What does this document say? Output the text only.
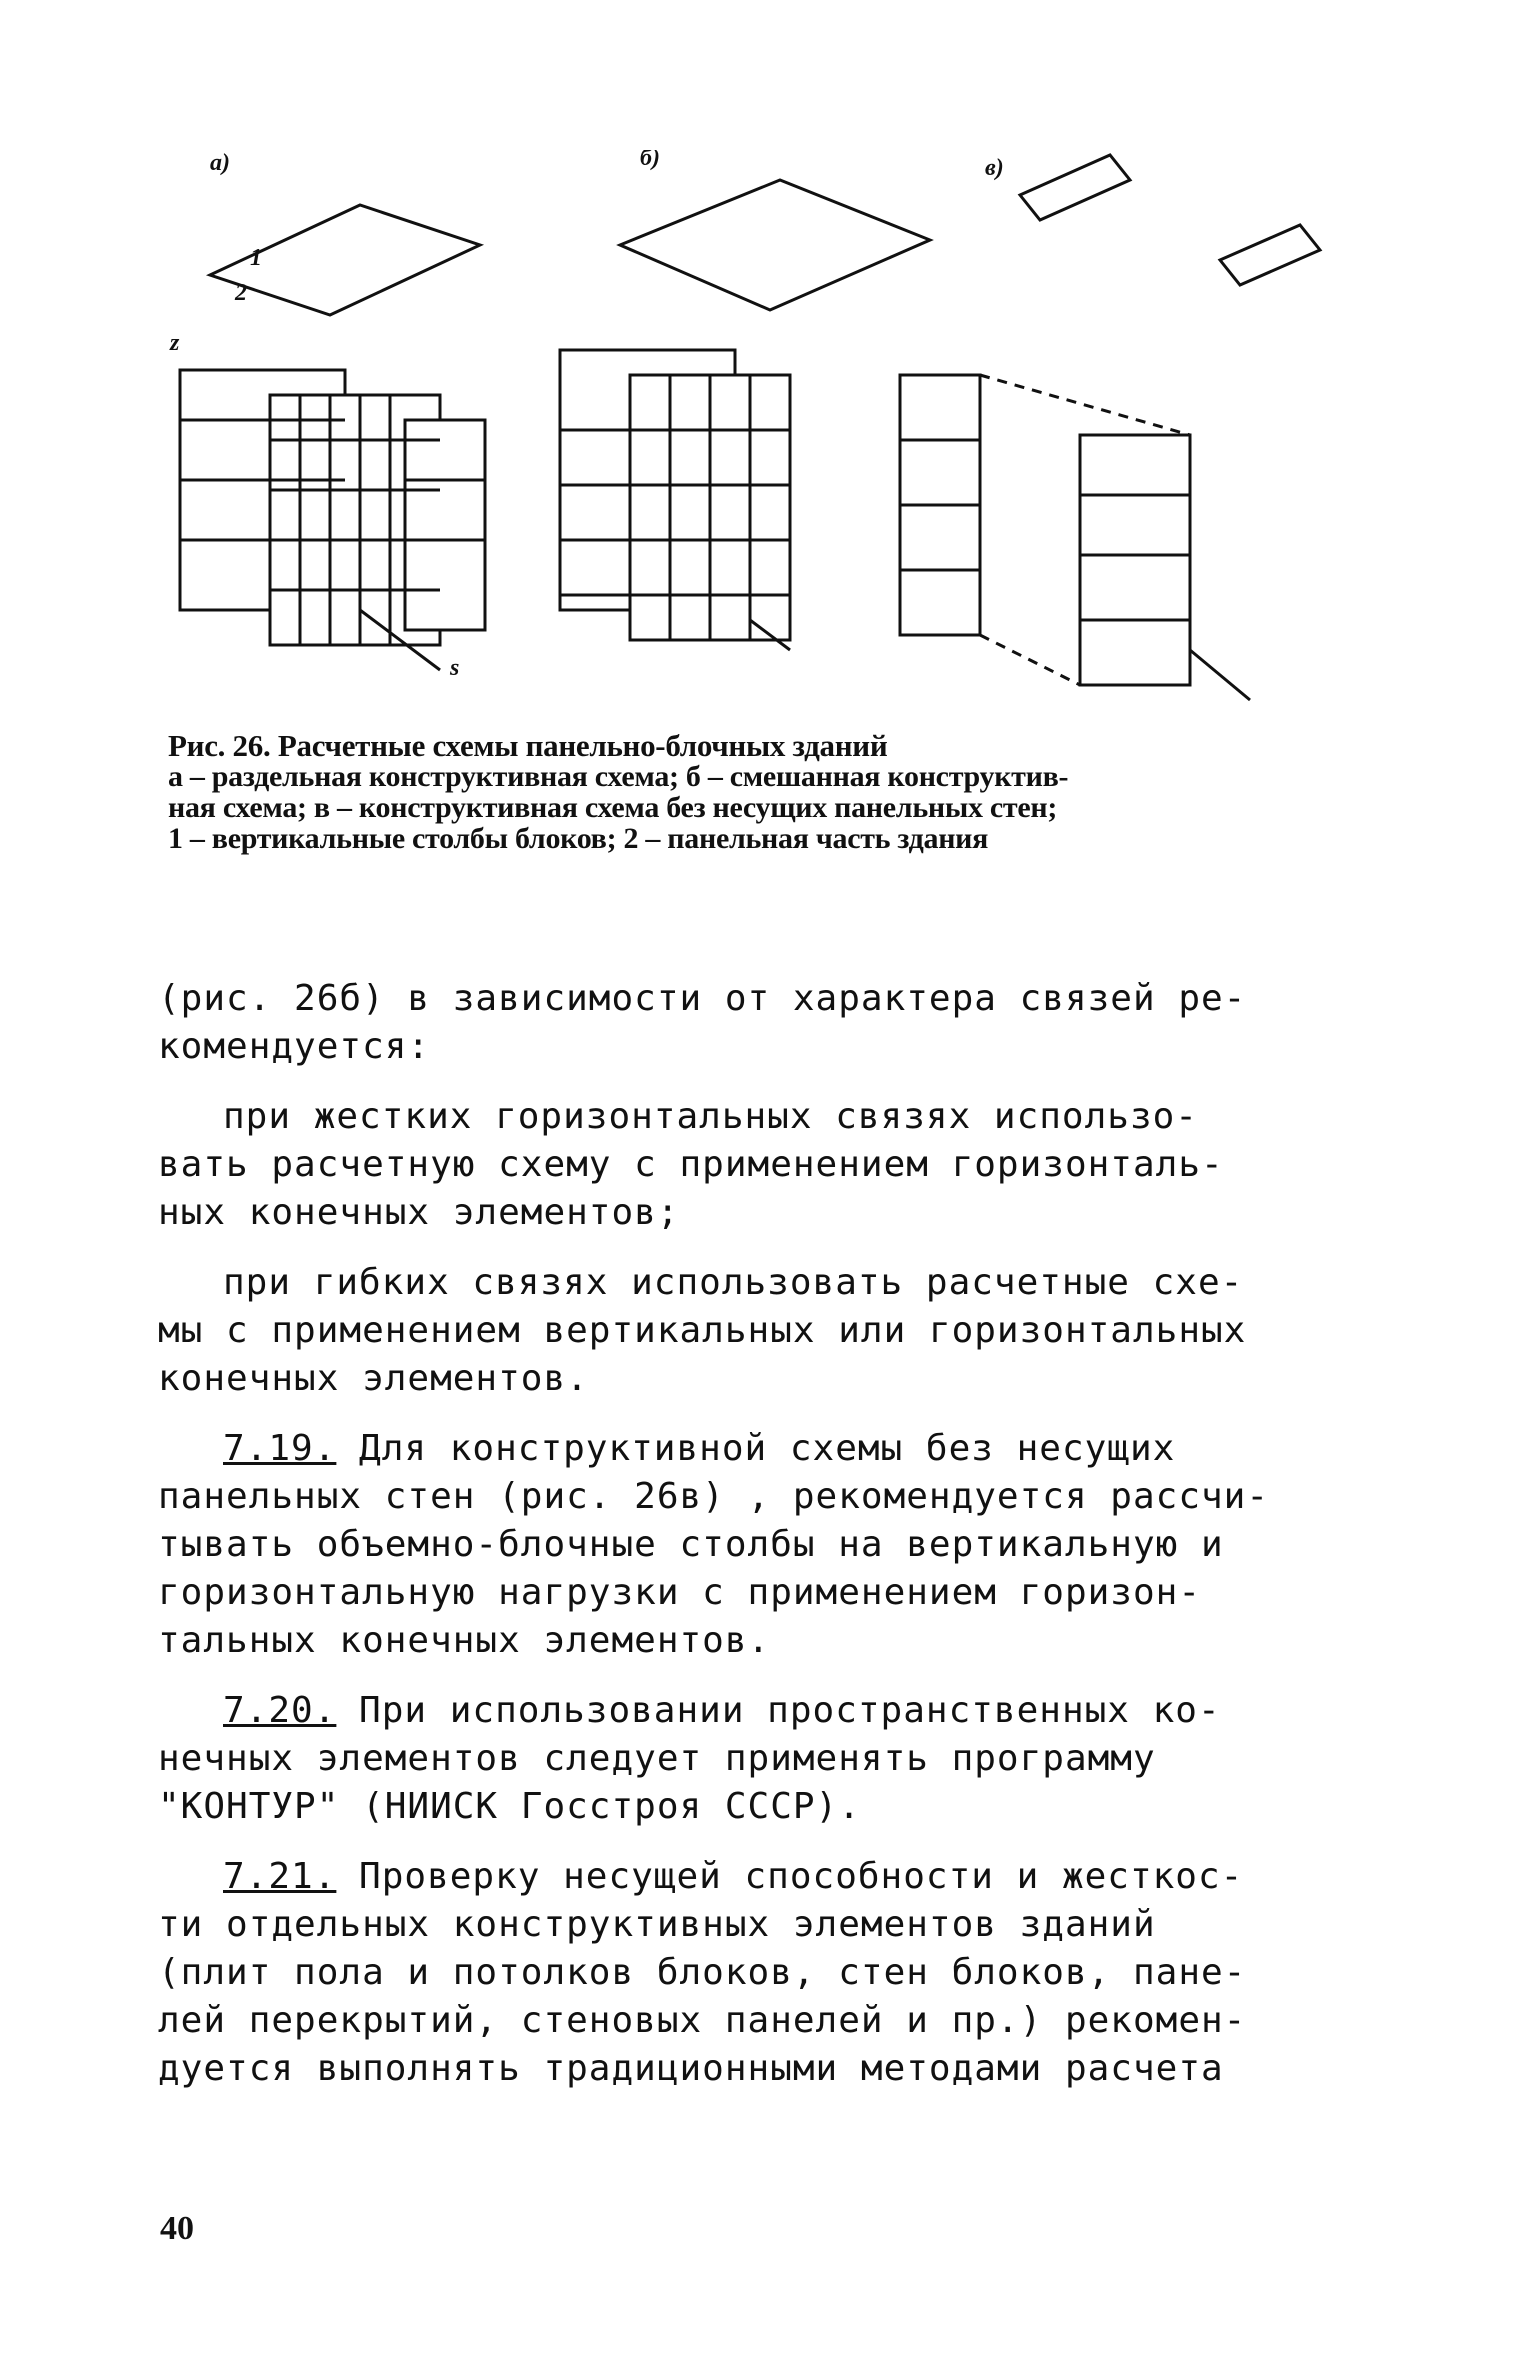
а)	б)	в)
z
s
1
2
Рис. 26. Расчетные схемы панельно-блочных зданий
а – раздельная конструктивная схема; б – смешанная конструктив-
ная схема; в – конструктивная схема без несущих панельных стен;
1 – вертикальные столбы блоков; 2 – панельная часть здания

(рис. 26б) в зависимости от характера связей ре-
комендуется:

при жестких горизонтальных связях использо-
вать расчетную схему с применением горизонталь-
ных конечных элементов;

при гибких связях использовать расчетные схе-
мы с применением вертикальных или горизонтальных
конечных элементов.

7.19. Для конструктивной схемы без несущих
панельных стен (рис. 26в) , рекомендуется рассчи-
тывать объемно-блочные столбы на вертикальную и
горизонтальную нагрузки с применением горизон-
тальных конечных элементов.

7.20. При использовании пространственных ко-
нечных элементов следует применять программу
"КОНТУР" (НИИСК Госстроя СССР).

7.21. Проверку несущей способности и жесткос-
ти отдельных конструктивных элементов зданий
(плит пола и потолков блоков, стен блоков, пане-
лей перекрытий, стеновых панелей и пр.) рекомен-
дуется выполнять традиционными методами расчета

40
